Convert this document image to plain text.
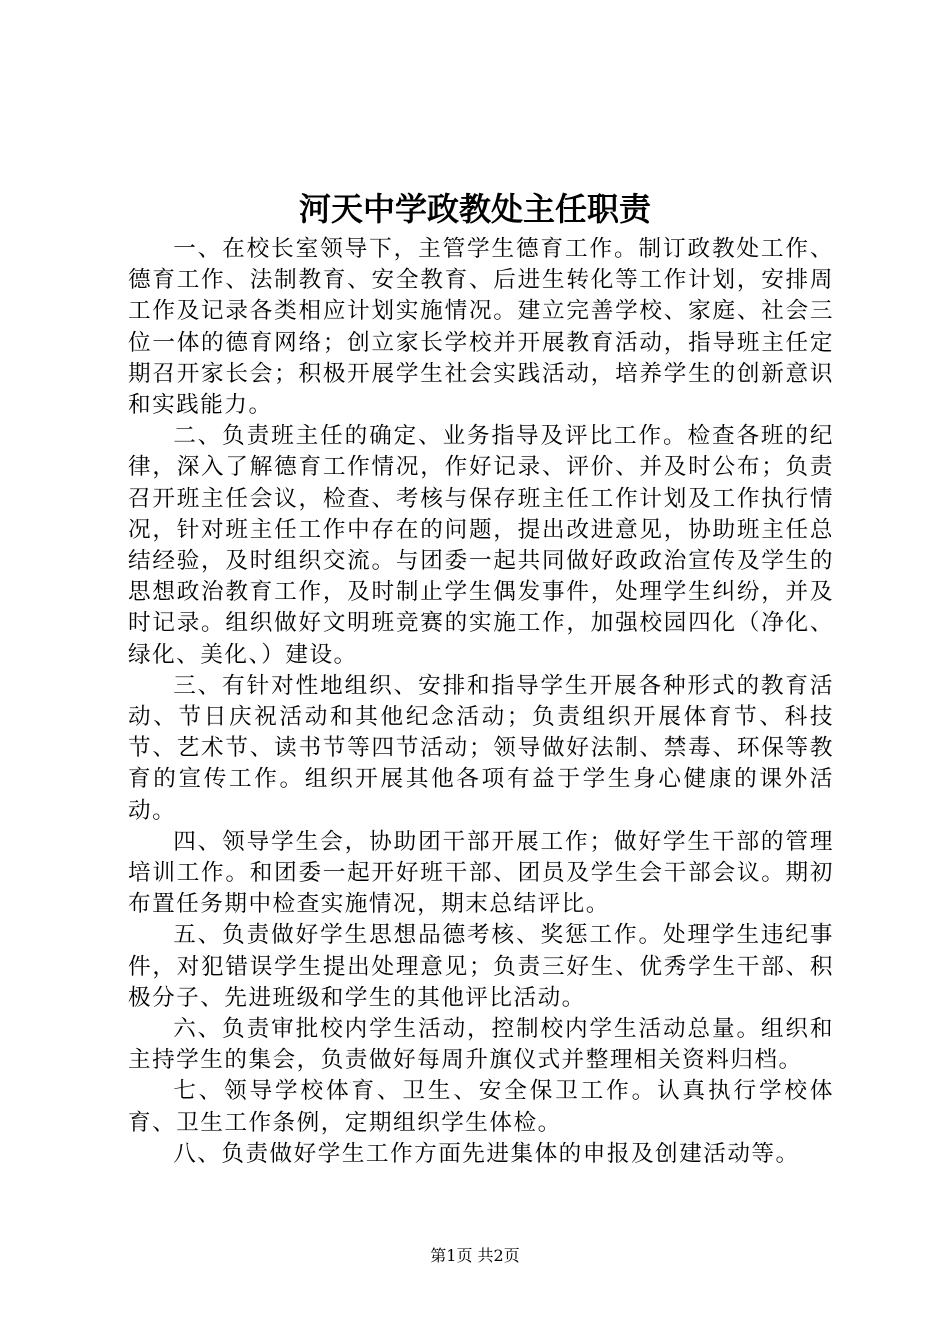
河天中学政教处主任职责

一、在校长室领导下，主管学生德育工作。制订政教处工作、德育工作、法制教育、安全教育、后进生转化等工作计划，安排周工作及记录各类相应计划实施情况。建立完善学校、家庭、社会三位一体的德育网络；创立家长学校并开展教育活动，指导班主任定期召开家长会；积极开展学生社会实践活动，培养学生的创新意识和实践能力。

二、负责班主任的确定、业务指导及评比工作。检查各班的纪律，深入了解德育工作情况，作好记录、评价、并及时公布；负责召开班主任会议，检查、考核与保存班主任工作计划及工作执行情况，针对班主任工作中存在的问题，提出改进意见，协助班主任总结经验，及时组织交流。与团委一起共同做好政政治宣传及学生的思想政治教育工作，及时制止学生偶发事件，处理学生纠纷，并及时记录。组织做好文明班竞赛的实施工作，加强校园四化（净化、绿化、美化、）建设。

三、有针对性地组织、安排和指导学生开展各种形式的教育活动、节日庆祝活动和其他纪念活动；负责组织开展体育节、科技节、艺术节、读书节等四节活动；领导做好法制、禁毒、环保等教育的宣传工作。组织开展其他各项有益于学生身心健康的课外活动。

四、领导学生会，协助团干部开展工作；做好学生干部的管理培训工作。和团委一起开好班干部、团员及学生会干部会议。期初布置任务期中检查实施情况，期末总结评比。

五、负责做好学生思想品德考核、奖惩工作。处理学生违纪事件，对犯错误学生提出处理意见；负责三好生、优秀学生干部、积极分子、先进班级和学生的其他评比活动。

六、负责审批校内学生活动，控制校内学生活动总量。组织和主持学生的集会，负责做好每周升旗仪式并整理相关资料归档。

七、领导学校体育、卫生、安全保卫工作。认真执行学校体育、卫生工作条例，定期组织学生体检。

八、负责做好学生工作方面先进集体的申报及创建活动等。

第1页 共2页
